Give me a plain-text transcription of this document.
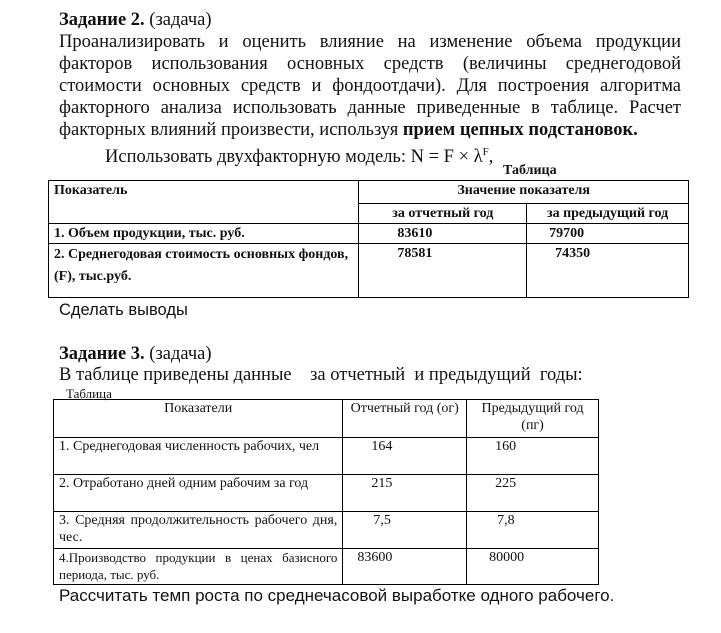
Задание 2. (задача)
Проанализировать и оценить влияние на изменение объема продукции
факторов использования основных средств (величины среднегодовой
стоимости основных средств и фондоотдачи). Для построения алгоритма
факторного анализа использовать данные приведенные в таблице. Расчет
факторных влияний произвести, используя прием цепных подстановок.
Использовать двухфакторную модель: $N = F \times \lambda^F$,
Таблица
Показатель	Значение показателя	
	за отчетный год	за предыдущий год
1. Объем продукции, тыс. руб.	83610	79700
2. Среднегодовая стоимость основных фондов, (F), тыс.руб.	78581	74350
Сделать выводы
Задание 3. (задача)
В таблице приведены данные    за отчетный  и предыдущий  годы:
Таблица
Показатели	Отчетный год (ог)	Предыдущий год (пг)
1. Среднегодовая численность рабочих, чел	164	160
2. Отработано дней одним рабочим за год	215	225
3. Средняя продолжительность рабочего дня, чес.	7,5	7,8
4.Производство продукции в ценах базисного периода, тыс. руб.	83600	80000
Рассчитать темп роста по среднечасовой выработке одного рабочего.
